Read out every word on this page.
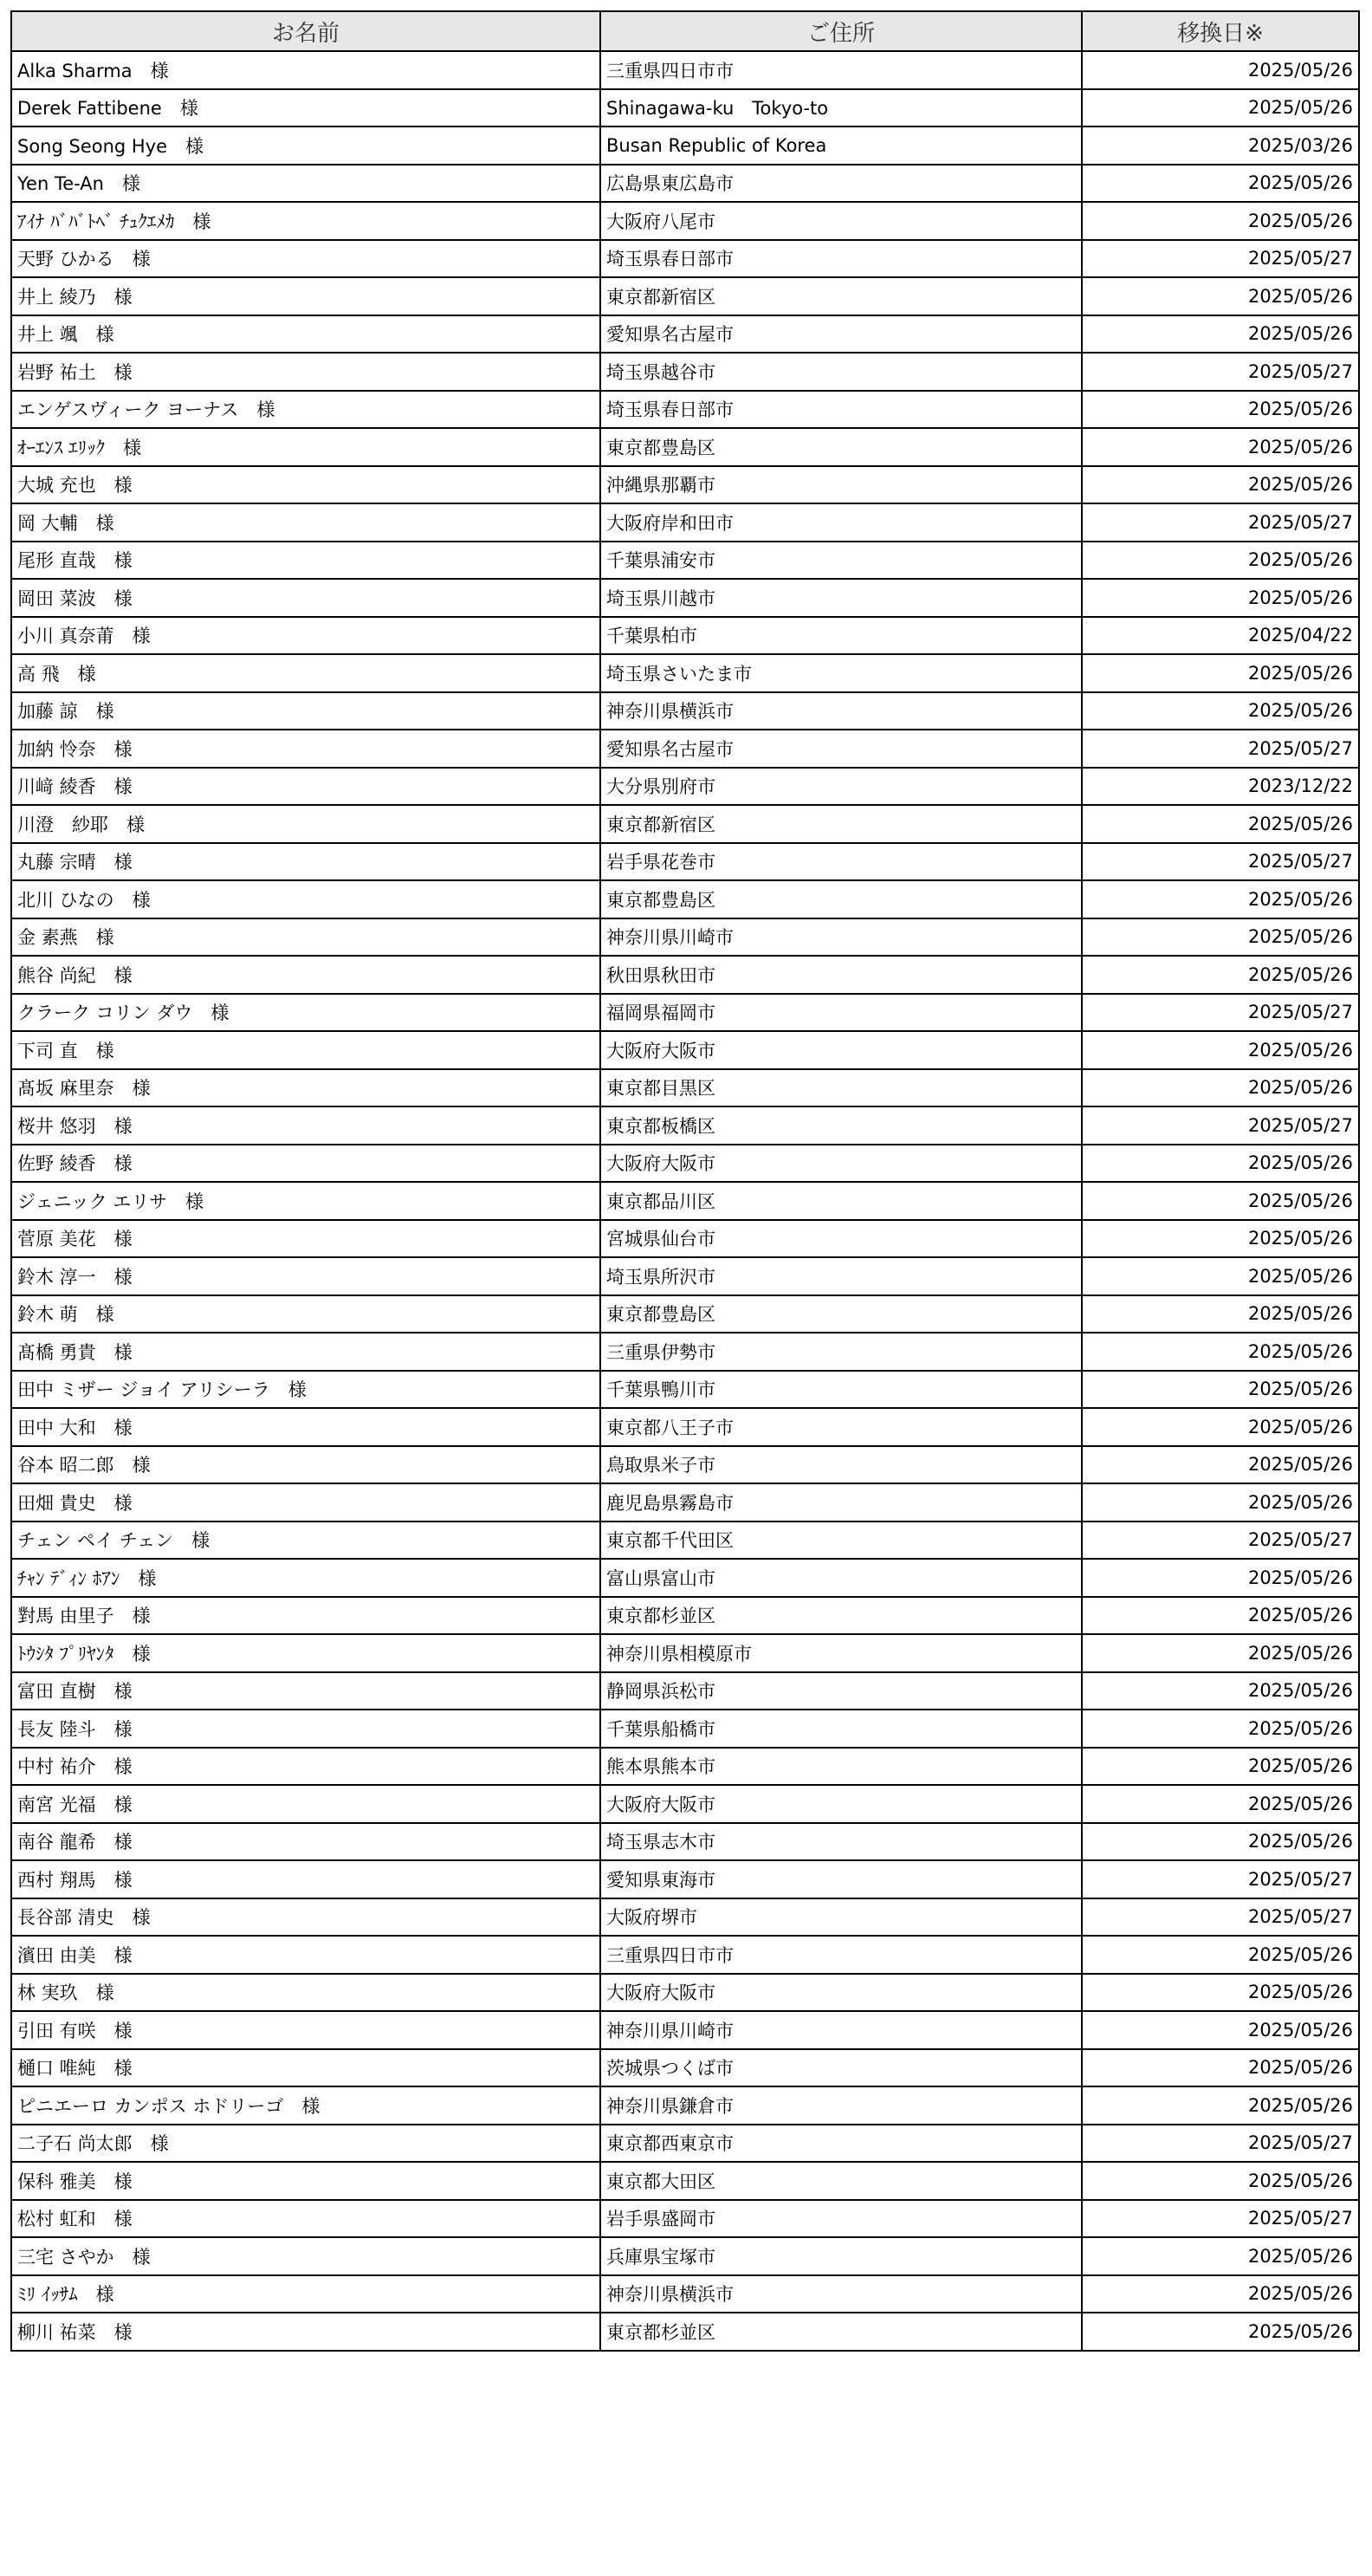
お名前	ご住所	移換日※
Alka Sharma　様	三重県四日市市	2025/05/26
Derek Fattibene　様	Shinagawa-ku　Tokyo-to	2025/05/26
Song Seong Hye　様	Busan Republic of Korea	2025/03/26
Yen Te-An　様	広島県東広島市	2025/05/26
ｱｲﾅ ﾊﾞﾊﾞﾄﾍﾞ ﾁｭｸｴﾒｶ　様	大阪府八尾市	2025/05/26
天野 ひかる　様	埼玉県春日部市	2025/05/27
井上 綾乃　様	東京都新宿区	2025/05/26
井上 颯　様	愛知県名古屋市	2025/05/26
岩野 祐土　様	埼玉県越谷市	2025/05/27
エンゲスヴィーク ヨーナス　様	埼玉県春日部市	2025/05/26
ｵｰｴﾝｽ ｴﾘｯｸ　様	東京都豊島区	2025/05/26
大城 充也　様	沖縄県那覇市	2025/05/26
岡 大輔　様	大阪府岸和田市	2025/05/27
尾形 直哉　様	千葉県浦安市	2025/05/26
岡田 菜波　様	埼玉県川越市	2025/05/26
小川 真奈莆　様	千葉県柏市	2025/04/22
高 飛　様	埼玉県さいたま市	2025/05/26
加藤 諒　様	神奈川県横浜市	2025/05/26
加納 怜奈　様	愛知県名古屋市	2025/05/27
川﨑 綾香　様	大分県別府市	2023/12/22
川澄　紗耶　様	東京都新宿区	2025/05/26
丸藤 宗晴　様	岩手県花巻市	2025/05/27
北川 ひなの　様	東京都豊島区	2025/05/26
金 素燕　様	神奈川県川崎市	2025/05/26
熊谷 尚紀　様	秋田県秋田市	2025/05/26
クラーク コリン ダウ　様	福岡県福岡市	2025/05/27
下司 直　様	大阪府大阪市	2025/05/26
髙坂 麻里奈　様	東京都目黒区	2025/05/26
桜井 悠羽　様	東京都板橋区	2025/05/27
佐野 綾香　様	大阪府大阪市	2025/05/26
ジェニック エリサ　様	東京都品川区	2025/05/26
菅原 美花　様	宮城県仙台市	2025/05/26
鈴木 淳一　様	埼玉県所沢市	2025/05/26
鈴木 萌　様	東京都豊島区	2025/05/26
髙橋 勇貴　様	三重県伊勢市	2025/05/26
田中 ミザー ジョイ アリシーラ　様	千葉県鴨川市	2025/05/26
田中 大和　様	東京都八王子市	2025/05/26
谷本 昭二郎　様	鳥取県米子市	2025/05/26
田畑 貴史　様	鹿児島県霧島市	2025/05/26
チェン ペイ チェン　様	東京都千代田区	2025/05/27
ﾁｬﾝ ﾃﾞｨﾝ ﾎｱﾝ　様	富山県富山市	2025/05/26
對馬 由里子　様	東京都杉並区	2025/05/26
ﾄｳｼﾀ ﾌﾟﾘﾔﾝﾀ　様	神奈川県相模原市	2025/05/26
富田 直樹　様	静岡県浜松市	2025/05/26
長友 陸斗　様	千葉県船橋市	2025/05/26
中村 祐介　様	熊本県熊本市	2025/05/26
南宮 光福　様	大阪府大阪市	2025/05/26
南谷 龍希　様	埼玉県志木市	2025/05/26
西村 翔馬　様	愛知県東海市	2025/05/27
長谷部 清史　様	大阪府堺市	2025/05/27
濱田 由美　様	三重県四日市市	2025/05/26
林 実玖　様	大阪府大阪市	2025/05/26
引田 有咲　様	神奈川県川崎市	2025/05/26
樋口 唯純　様	茨城県つくば市	2025/05/26
ピニエーロ カンポス ホドリーゴ　様	神奈川県鎌倉市	2025/05/26
二子石 尚太郎　様	東京都西東京市	2025/05/27
保科 雅美　様	東京都大田区	2025/05/26
松村 虹和　様	岩手県盛岡市	2025/05/27
三宅 さやか　様	兵庫県宝塚市	2025/05/26
ﾐﾘ ｲｯｻﾑ　様	神奈川県横浜市	2025/05/26
柳川 祐菜　様	東京都杉並区	2025/05/26
